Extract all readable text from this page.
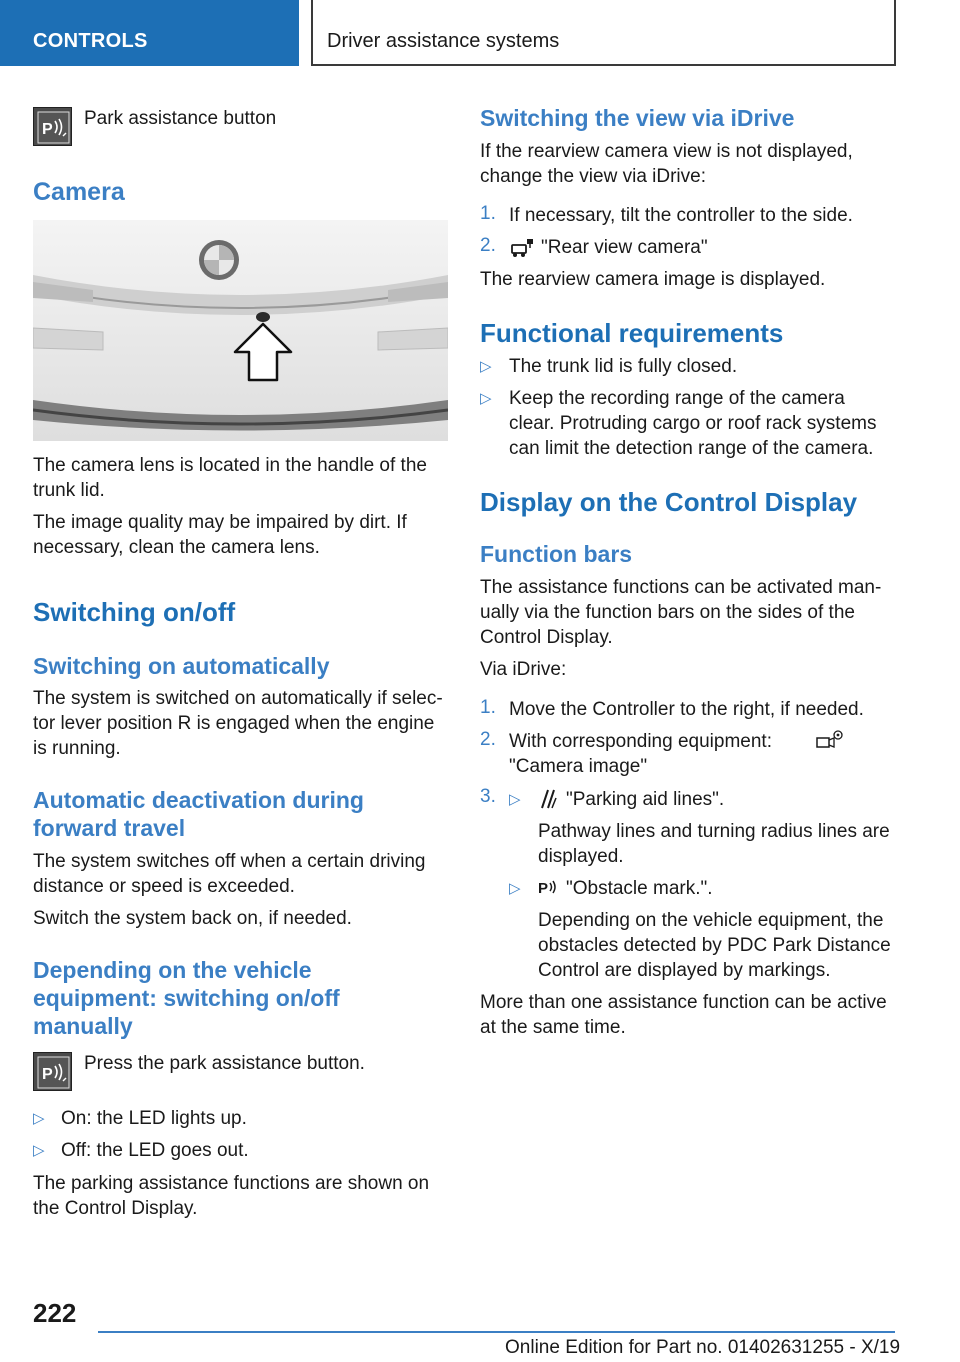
CONTROLS	Driver assistance systems
P
Park assistance button
Camera
The camera lens is located in the handle of the trunk lid.
The image quality may be impaired by dirt. If necessary, clean the camera lens.
Switching on/off
Switching on automatically
The system is switched on automatically if selec‐
tor lever position R is engaged when the engine
is running.
Automatic deactivation during
forward travel
The system switches off when a certain driving
distance or speed is exceeded.
Switch the system back on, if needed.
Depending on the vehicle
equipment: switching on/off
manually
P
Press the park assistance button.
▷ On: the LED lights up.
▷ Off: the LED goes out.
The parking assistance functions are shown on
the Control Display.
Switching the view via iDrive
If the rearview camera view is not displayed,
change the view via iDrive:
1. If necessary, tilt the controller to the side.
2. "Rear view camera"
The rearview camera image is displayed.
Functional requirements
▷ The trunk lid is fully closed.
▷ Keep the recording range of the camera
clear. Protruding cargo or roof rack systems
can limit the detection range of the camera.
Display on the Control Display
Function bars
The assistance functions can be activated man‐
ually via the function bars on the sides of the
Control Display.
Via iDrive:
1. Move the Controller to the right, if needed.
2. With corresponding equipment:
"Camera image"
3. ▷ "Parking aid lines".
Pathway lines and turning radius lines are
displayed.
▷ P "Obstacle mark.".
Depending on the vehicle equipment, the
obstacles detected by PDC Park Distance
Control are displayed by markings.
More than one assistance function can be active
at the same time.
222
Online Edition for Part no. 01402631255 - X/19
